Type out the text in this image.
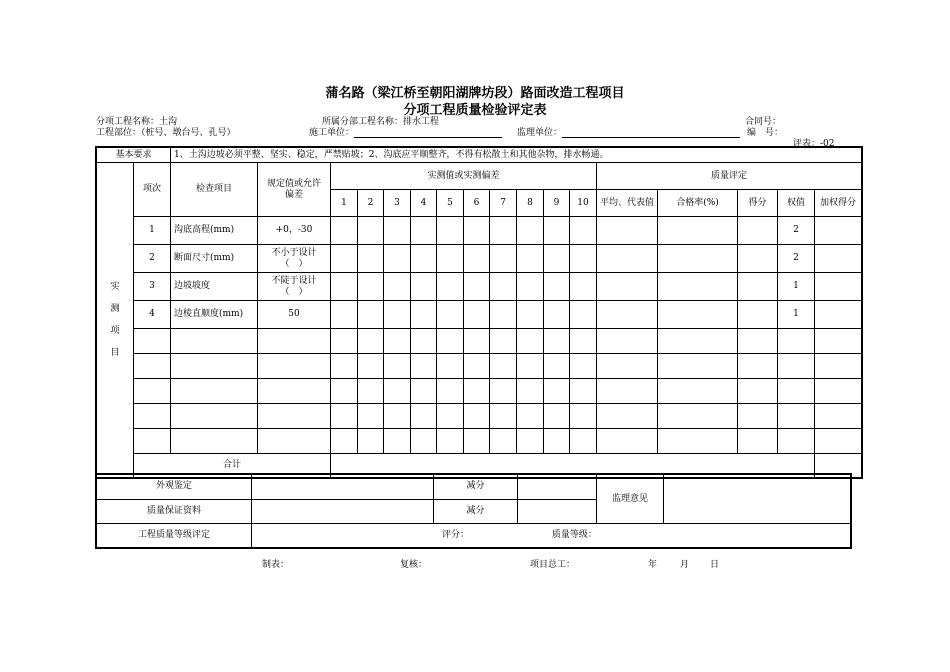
蒲名路（梁江桥至朝阳湖牌坊段）路面改造工程项目
分项工程质量检验评定表
分项工程名称：土沟	所属分部工程名称：排水工程	合同号：
工程部位：（桩号、墩台号、孔号）	施工单位：	监理单位：	编　号：
评表：-02
基本要求		1、土沟边坡必须平整、坚实、稳定，严禁贴坡；2、沟底应平顺整齐，不得有松散土和其他杂物，排水畅通。																

实
测
项
目	项次	检查项目	规定值或允许偏差	实测值或实测偏差										质量评定				
				1	2	3	4	5	6	7	8	9	10	平均、代表值	合格率(%)	得分	权值	加权得分
	1	沟底高程(mm)	+0，-30														2	
	2	断面尺寸(mm)	不小于设计（　）														2	
	3	边坡坡度	不陡于设计（　）														1	
	4	边棱直顺度(mm)	50														1	

	合计																	
外观鉴定		减分		监理意见

质量保证资料		减分		
工程质量等级评定	评分： 质量等级：			
制表：	复核：	项目总工：	年	月 日
